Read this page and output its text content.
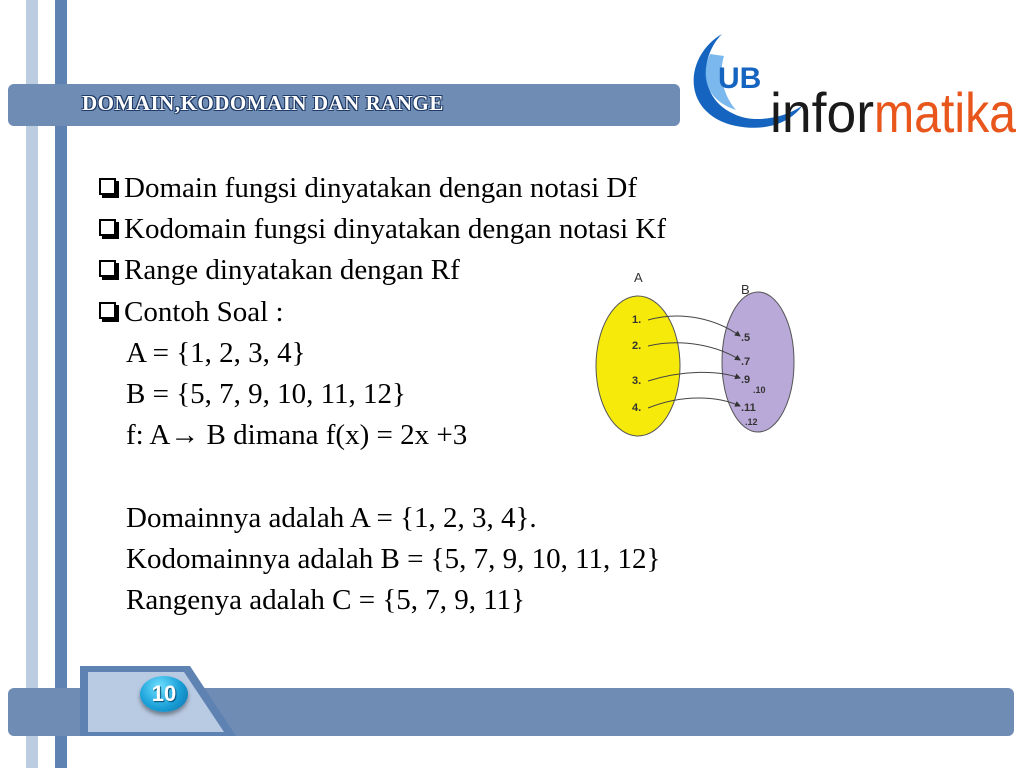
DOMAIN,KODOMAIN DAN RANGE
UB
infor matika
Domain fungsi dinyatakan dengan notasi Df
Kodomain fungsi dinyatakan dengan notasi Kf
Range dinyatakan dengan Rf
Contoh Soal :
A = {1, 2, 3, 4}
B = {5, 7, 9, 10, 11, 12}
f: A→ B dimana f(x) = 2x +3
Domainnya adalah A = {1, 2, 3, 4}.
Kodomainnya adalah B = {5, 7, 9, 10, 11, 12}
Rangenya adalah C = {5, 7, 9, 11}
A
B
1.
2.
3.
4.
.5
.7
.9
.10
.11
.12
10
